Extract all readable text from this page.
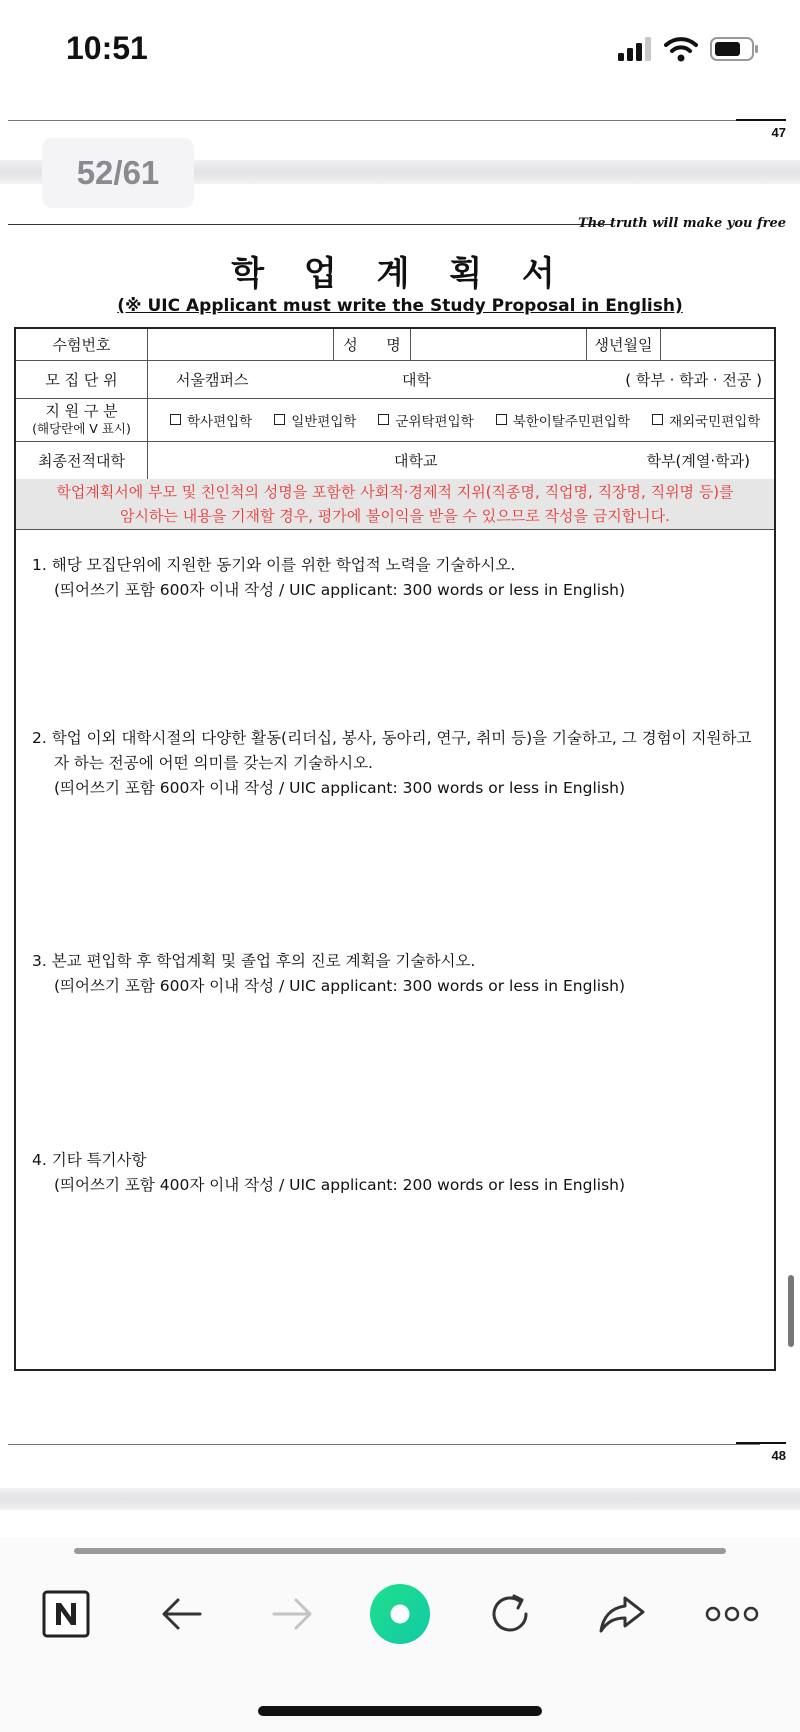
10:51
47
52/61
The truth will make you free
학 업 계 획 서
(※ UIC Applicant must write the Study Proposal in English)
수험번호	성      명	생년월일
모 집 단 위	서울캠퍼스	대학	( 학부 · 학과 · 전공 )
지 원 구 분
(해당란에 V 표시)	학사편입학	일반편입학	군위탁편입학	북한이탈주민편입학	재외국민편입학
최종전적대학	대학교	학부(계열·학과)
학업계획서에 부모 및 친인척의 성명을 포함한 사회적·경제적 지위(직종명, 직업명, 직장명, 직위명 등)를
암시하는 내용을 기재할 경우, 평가에 불이익을 받을 수 있으므로 작성을 금지합니다.
1. 해당 모집단위에 지원한 동기와 이를 위한 학업적 노력을 기술하시오.
(띄어쓰기 포함 600자 이내 작성 / UIC applicant: 300 words or less in English)
2. 학업 이외 대학시절의 다양한 활동(리더십, 봉사, 동아리, 연구, 취미 등)을 기술하고, 그 경험이 지원하고
자 하는 전공에 어떤 의미를 갖는지 기술하시오.
(띄어쓰기 포함 600자 이내 작성 / UIC applicant: 300 words or less in English)
3. 본교 편입학 후 학업계획 및 졸업 후의 진로 계획을 기술하시오.
(띄어쓰기 포함 600자 이내 작성 / UIC applicant: 300 words or less in English)
4. 기타 특기사항
(띄어쓰기 포함 400자 이내 작성 / UIC applicant: 200 words or less in English)
48
